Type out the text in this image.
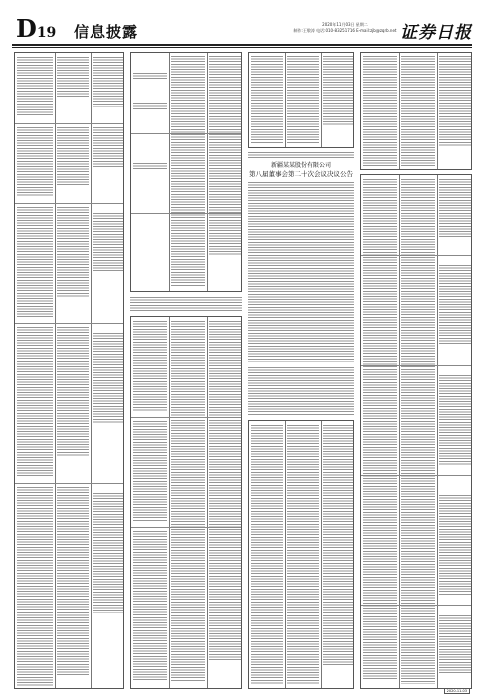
D19 信息披露	2020年11月03日 星期二
制作:王敬涛 电话:010-83251716 E-mail:zjb@zqrb.net 证券日报
新疆某某股份有限公司
第八届董事会第二十次会议决议公告
2020-11-03
